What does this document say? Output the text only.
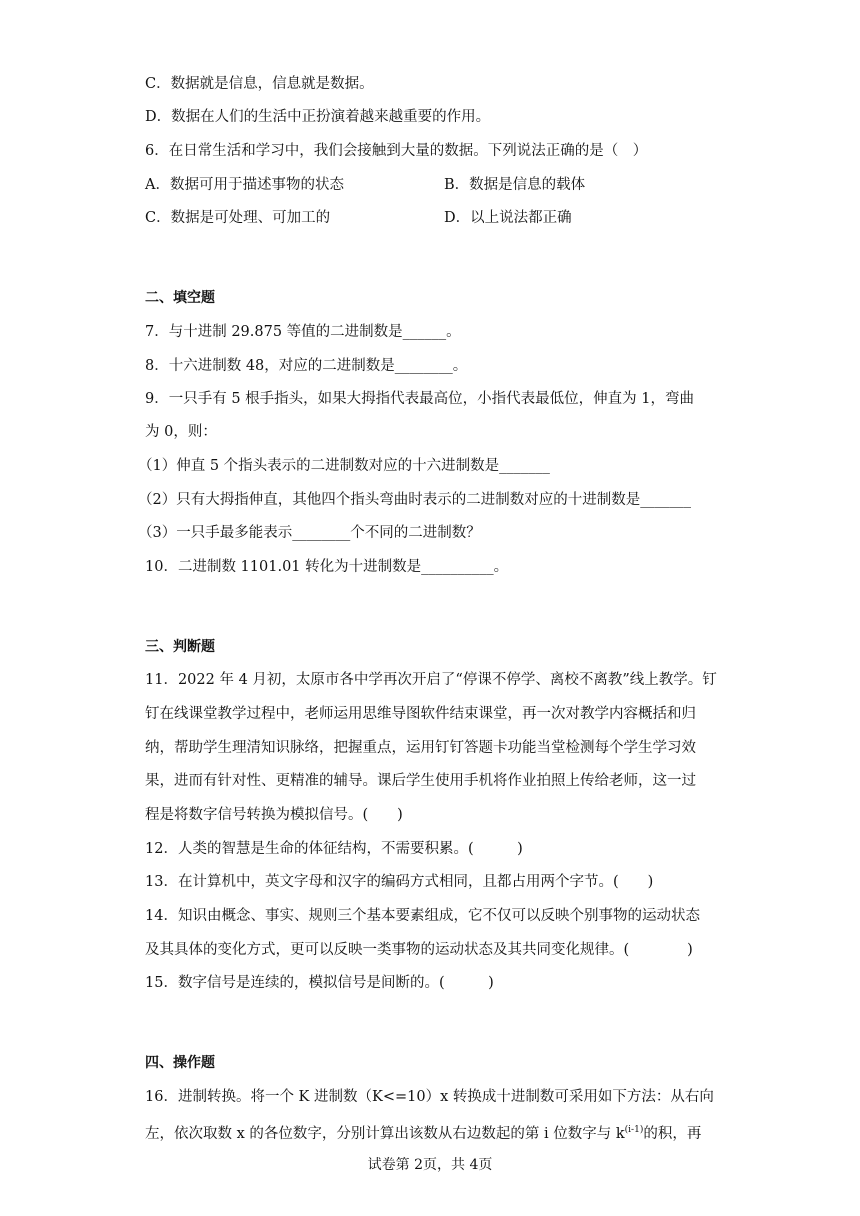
C．数据就是信息，信息就是数据。
D．数据在人们的生活中正扮演着越来越重要的作用。
6．在日常生活和学习中，我们会接触到大量的数据。下列说法正确的是（　）
A．数据可用于描述事物的状态	B．数据是信息的载体
C．数据是可处理、可加工的	D．以上说法都正确
二、填空题
7．与十进制 29.875 等值的二进制数是______。
8．十六进制数 48，对应的二进制数是________。
9．一只手有 5 根手指头，如果大拇指代表最高位，小指代表最低位，伸直为 1，弯曲
为 0，则：
（1）伸直 5 个指头表示的二进制数对应的十六进制数是_______
（2）只有大拇指伸直，其他四个指头弯曲时表示的二进制数对应的十进制数是_______
（3）一只手最多能表示________个不同的二进制数？
10．二进制数 1101.01 转化为十进制数是__________。
三、判断题
11．2022 年 4 月初，太原市各中学再次开启了“停课不停学、离校不离教”线上教学。钉
钉在线课堂教学过程中，老师运用思维导图软件结束课堂，再一次对教学内容概括和归
纳，帮助学生理清知识脉络，把握重点，运用钉钉答题卡功能当堂检测每个学生学习效
果，进而有针对性、更精准的辅导。课后学生使用手机将作业拍照上传给老师，这一过
程是将数字信号转换为模拟信号。(　　)
12．人类的智慧是生命的体征结构，不需要积累。(　　　)
13．在计算机中，英文字母和汉字的编码方式相同，且都占用两个字节。(　　)
14．知识由概念、事实、规则三个基本要素组成，它不仅可以反映个别事物的运动状态
及其具体的变化方式，更可以反映一类事物的运动状态及其共同变化规律。(　　　　)
15．数字信号是连续的，模拟信号是间断的。(　　　)
四、操作题
16．进制转换。将一个 K 进制数（K<=10）x 转换成十进制数可采用如下方法：从右向
左，依次取数 x 的各位数字，分别计算出该数从右边数起的第 i 位数字与 $k^{(i-1)}$的积，再
试卷第 2页，共 4页
